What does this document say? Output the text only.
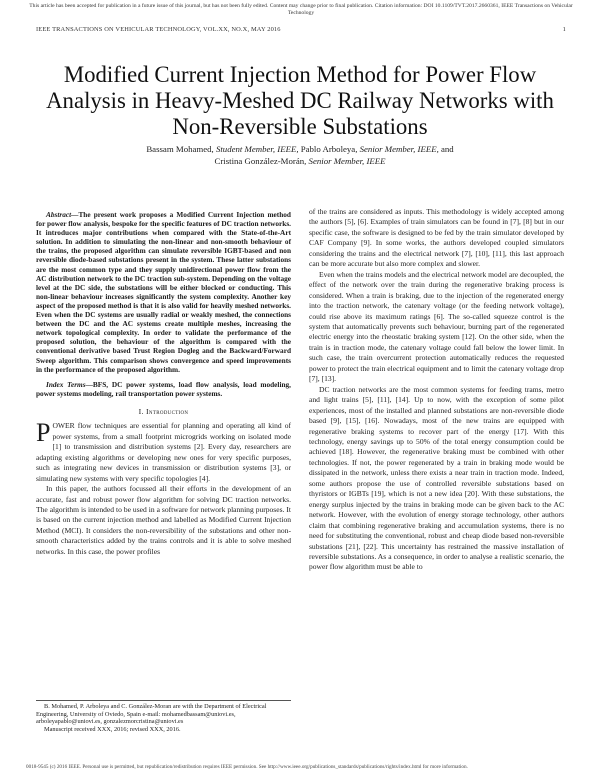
This article has been accepted for publication in a future issue of this journal, but has not been fully edited. Content may change prior to final publication. Citation information: DOI 10.1109/TVT.2017.2660361, IEEE Transactions on Vehicular Technology
IEEE TRANSACTIONS ON VEHICULAR TECHNOLOGY, VOL.XX, NO.X, MAY 2016	1
Modified Current Injection Method for Power Flow Analysis in Heavy-Meshed DC Railway Networks with Non-Reversible Substations
Bassam Mohamed, Student Member, IEEE, Pablo Arboleya, Senior Member, IEEE, and
Cristina González-Morán, Senior Member, IEEE

Abstract—The present work proposes a Modified Current Injection method for power flow analysis, bespoke for the specific features of DC traction networks. It introduces major contributions when compared with the State-of-the-Art solution. In addition to simulating the non-linear and non-smooth behaviour of the trains, the proposed algorithm can simulate reversible IGBT-based and non reversible diode-based substations present in the system. These latter substations are the most common type and they supply unidirectional power flow from the AC distribution network to the DC traction sub-system. Depending on the voltage level at the DC side, the substations will be either blocked or conducting. This non-linear behaviour increases significantly the system complexity. Another key aspect of the proposed method is that it is also valid for heavily meshed networks. Even when the DC systems are usually radial or weakly meshed, the connections between the DC and the AC systems create multiple meshes, increasing the network topological complexity. In order to validate the performance of the proposed solution, the behaviour of the algorithm is compared with the conventional derivative based Trust Region Dogleg and the Backward/Forward Sweep algorithm. This comparison shows convergence and speed improvements in the performance of the proposed algorithm.

Index Terms—BFS, DC power systems, load flow analysis, load modeling, power systems modeling, rail transportation power systems.

I. Introduction

POWER flow techniques are essential for planning and operating all kind of power systems, from a small footprint microgrids working on isolated mode [1] to transmission and distribution systems [2]. Every day, researchers are adapting existing algorithms or developing new ones for very specific purposes, such as integrating new devices in transmission or distribution systems [3], or simulating new systems with very specific topologies [4].

In this paper, the authors focussed all their efforts in the development of an accurate, fast and robust power flow algorithm for solving DC traction networks. The algorithm is intended to be used in a software for network planning purposes. It is based on the current injection method and labelled as Modified Current Injection Method (MCI). It considers the non-reversibility of the substations and other non-smooth characteristics added by the trains controls and it is able to solve meshed networks. In this case, the power profiles

of the trains are considered as inputs. This methodology is widely accepted among the authors [5], [6]. Examples of train simulators can be found in [7], [8] but in our specific case, the software is designed to be fed by the train simulator developed by CAF Company [9]. In some works, the authors developed coupled simulators considering the trains and the electrical network [7], [10], [11], this last approach can be more accurate but also more complex and slower.

Even when the trains models and the electrical network model are decoupled, the effect of the network over the train during the regenerative braking process is considered. When a train is braking, due to the injection of the regenerated energy into the traction network, the catenary voltage (or the feeding network voltage), could rise above its maximum ratings [6]. The so-called squeeze control is the system that automatically prevents such behaviour, burning part of the regenerated electric energy into the rheostatic braking system [12]. On the other side, when the train is in traction mode, the catenary voltage could fall below the lower limit. In such case, the train overcurrent protection automatically reduces the requested power to protect the train electrical equipment and to limit the catenary voltage drop [7], [13].

DC traction networks are the most common systems for feeding trams, metro and light trains [5], [11], [14]. Up to now, with the exception of some pilot experiences, most of the installed and planned substations are non-reversible diode based [9], [15], [16]. Nowadays, most of the new trains are equipped with regenerative braking systems to recover part of the energy [17]. With this technology, energy savings up to 50% of the total energy consumption could be achieved [18]. However, the regenerative braking must be combined with other technologies. If not, the power regenerated by a train in braking mode would be dissipated in the network, unless there exists a near train in traction mode. Indeed, some authors propose the use of controlled reversible substations based on thyristors or IGBTs [19], which is not a new idea [20]. With these substations, the energy surplus injected by the trains in braking mode can be given back to the AC network. However, with the evolution of energy storage technology, other authors claim that combining regenerative braking and accumulation systems, there is no need for substituting the conventional, robust and cheap diode based non-reversible substations [21], [22]. This uncertainty has restrained the massive installation of reversible substations. As a consequence, in order to analyse a realistic scenario, the power flow algorithm must be able to

B. Mohamed, P. Arboleya and C. González-Moran are with the Department of Electrical Engineering, University of Oviedo, Spain e-mail: mohamedbassam@uniovi.es, arboleyapablo@uniovi.es, gonzalezmorcristina@uniovi.es
Manuscript received XXX, 2016; revised XXX, 2016.
0018-9545 (c) 2016 IEEE. Personal use is permitted, but republication/redistribution requires IEEE permission. See http://www.ieee.org/publications_standards/publications/rights/index.html for more information.
